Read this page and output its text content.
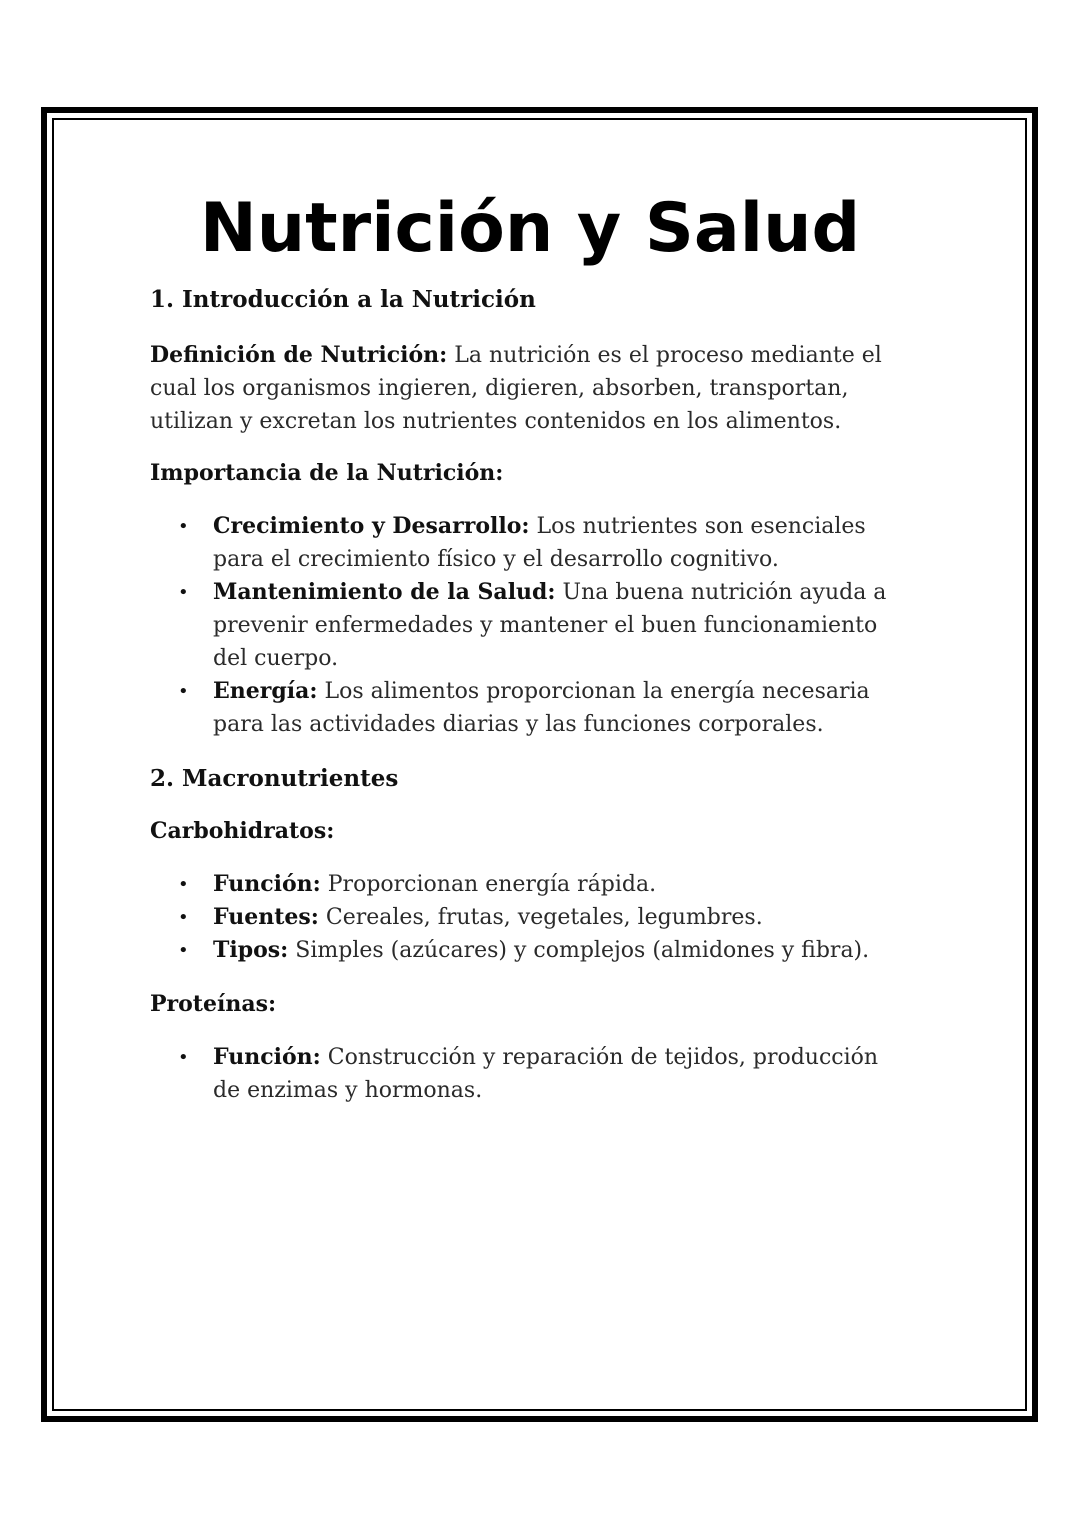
Nutrición y Salud
1. Introducción a la Nutrición

Definición de Nutrición: La nutrición es el proceso mediante el cual los organismos ingieren, digieren, absorben, transportan, utilizan y excretan los nutrientes contenidos en los alimentos.

Importancia de la Nutrición:
• Crecimiento y Desarrollo: Los nutrientes son esenciales para el crecimiento físico y el desarrollo cognitivo.
• Mantenimiento de la Salud: Una buena nutrición ayuda a prevenir enfermedades y mantener el buen funcionamiento del cuerpo.
• Energía: Los alimentos proporcionan la energía necesaria para las actividades diarias y las funciones corporales.
2. Macronutrientes
Carbohidratos:
• Función: Proporcionan energía rápida.
• Fuentes: Cereales, frutas, vegetales, legumbres.
• Tipos: Simples (azúcares) y complejos (almidones y fibra).
Proteínas:
• Función: Construcción y reparación de tejidos, producción de enzimas y hormonas.
